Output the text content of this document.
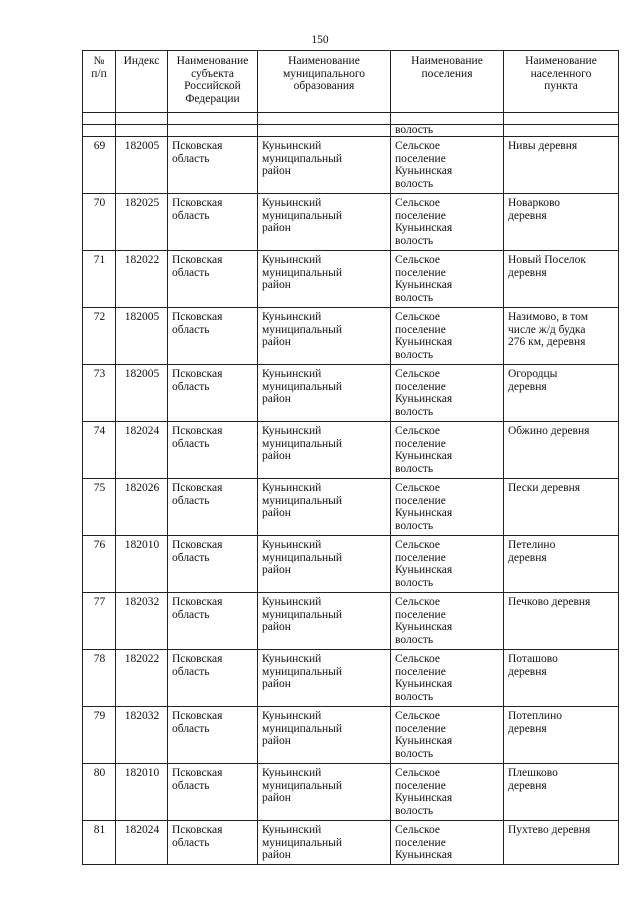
150
№
п/п	Индекс	Наименование
субъекта
Российской
Федерации	Наименование
муниципального
образования	Наименование
поселения	Наименование
населенного
пункта

				волость	
69	182005	Псковская
область	Куньинский
муниципальный
район	Сельское
поселение
Куньинская
волость	Нивы деревня

70	182025	Псковская
область	Куньинский
муниципальный
район	Сельское
поселение
Куньинская
волость	Новарково
деревня

71	182022	Псковская
область	Куньинский
муниципальный
район	Сельское
поселение
Куньинская
волость	Новый Поселок
деревня

72	182005	Псковская
область	Куньинский
муниципальный
район	Сельское
поселение
Куньинская
волость	Назимово, в том
числе ж/д будка
276 км, деревня

73	182005	Псковская
область	Куньинский
муниципальный
район	Сельское
поселение
Куньинская
волость	Огородцы
деревня

74	182024	Псковская
область	Куньинский
муниципальный
район	Сельское
поселение
Куньинская
волость	Обжино деревня

75	182026	Псковская
область	Куньинский
муниципальный
район	Сельское
поселение
Куньинская
волость	Пески деревня

76	182010	Псковская
область	Куньинский
муниципальный
район	Сельское
поселение
Куньинская
волость	Петелино
деревня

77	182032	Псковская
область	Куньинский
муниципальный
район	Сельское
поселение
Куньинская
волость	Печково деревня

78	182022	Псковская
область	Куньинский
муниципальный
район	Сельское
поселение
Куньинская
волость	Поташово
деревня

79	182032	Псковская
область	Куньинский
муниципальный
район	Сельское
поселение
Куньинская
волость	Потеплино
деревня

80	182010	Псковская
область	Куньинский
муниципальный
район	Сельское
поселение
Куньинская
волость	Плешково
деревня

81	182024	Псковская
область	Куньинский
муниципальный
район	Сельское
поселение
Куньинская	Пухтево деревня
